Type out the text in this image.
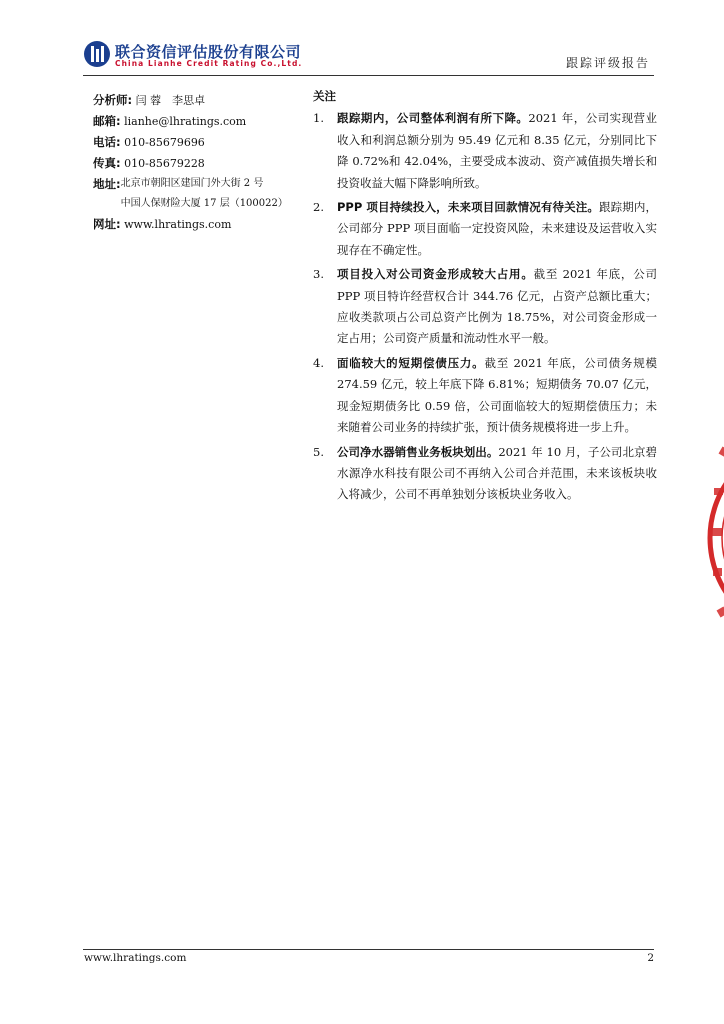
联合资信评估股份有限公司
China Lianhe Credit Rating Co.,Ltd.	跟踪评级报告
分析师: 闫 蓉　李思卓
邮箱: lianhe@lhratings.com
电话: 010-85679696
传真: 010-85679228
地址: 北京市朝阳区建国门外大街 2 号
中国人保财险大厦 17 层（100022）
网址: www.lhratings.com
关注
1.	跟踪期内，公司整体利润有所下降。2021 年，公司实现营业收入和利润总额分别为 95.49 亿元和 8.35 亿元，分别同比下降 0.72%和 42.04%，主要受成本波动、资产减值损失增长和投资收益大幅下降影响所致。
2.	PPP 项目持续投入，未来项目回款情况有待关注。跟踪期内，公司部分 PPP 项目面临一定投资风险，未来建设及运营收入实现存在不确定性。
3.	项目投入对公司资金形成较大占用。截至 2021 年底，公司 PPP 项目特许经营权合计 344.76 亿元，占资产总额比重大；应收类款项占公司总资产比例为 18.75%，对公司资金形成一定占用；公司资产质量和流动性水平一般。
4.	面临较大的短期偿债压力。截至 2021 年底，公司债务规模 274.59 亿元，较上年底下降 6.81%；短期债务 70.07 亿元，现金短期债务比 0.59 倍，公司面临较大的短期偿债压力；未来随着公司业务的持续扩张，预计债务规模将进一步上升。
5.	公司净水器销售业务板块划出。2021 年 10 月，子公司北京碧水源净水科技有限公司不再纳入公司合并范围，未来该板块收入将减少，公司不再单独划分该板块业务收入。
www.lhratings.com	2
